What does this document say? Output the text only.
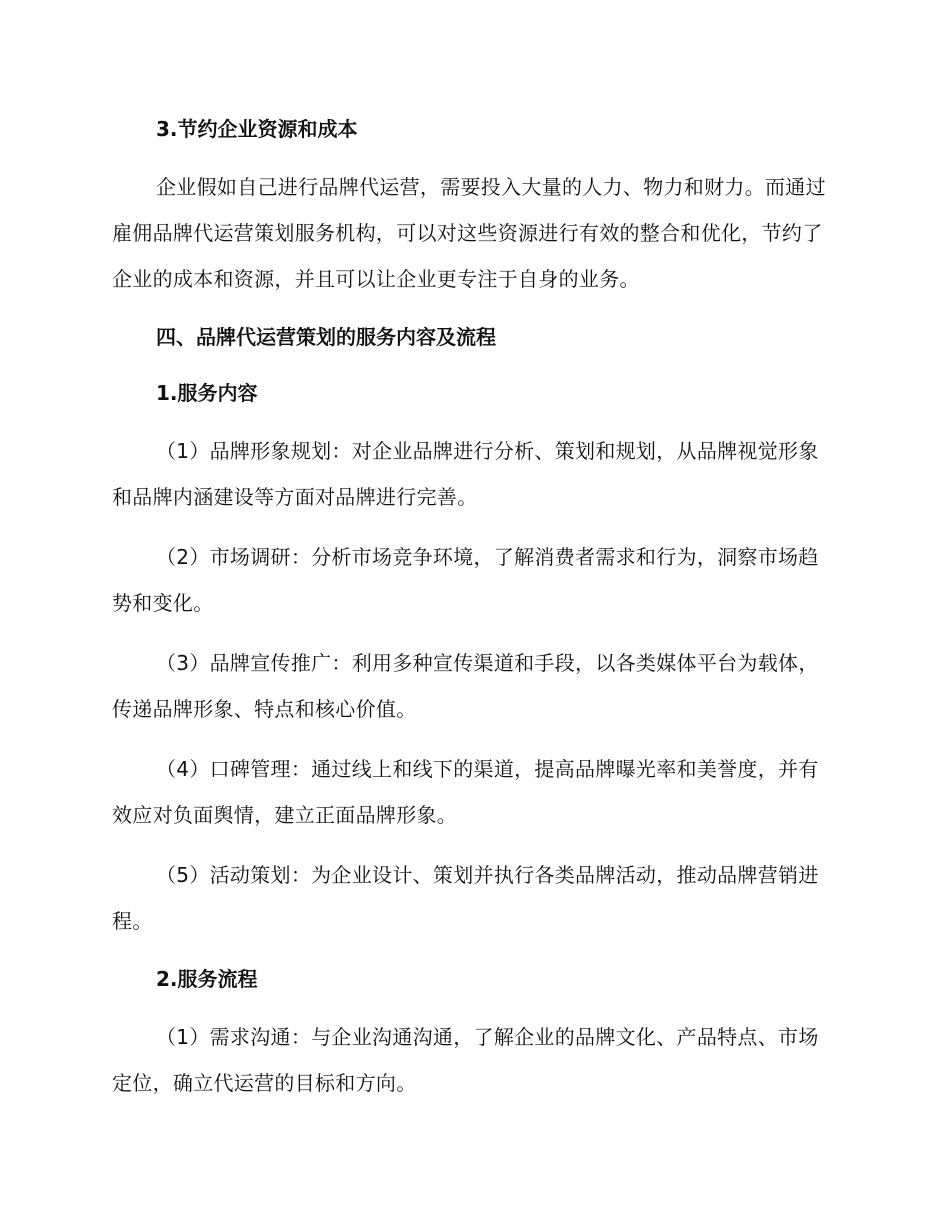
3.节约企业资源和成本

企业假如自己进行品牌代运营，需要投入大量的人力、物力和财力。而通过雇佣品牌代运营策划服务机构，可以对这些资源进行有效的整合和优化，节约了企业的成本和资源，并且可以让企业更专注于自身的业务。

四、品牌代运营策划的服务内容及流程

1.服务内容

（1）品牌形象规划：对企业品牌进行分析、策划和规划，从品牌视觉形象和品牌内涵建设等方面对品牌进行完善。

（2）市场调研：分析市场竞争环境，了解消费者需求和行为，洞察市场趋势和变化。

（3）品牌宣传推广：利用多种宣传渠道和手段，以各类媒体平台为载体，传递品牌形象、特点和核心价值。

（4）口碑管理：通过线上和线下的渠道，提高品牌曝光率和美誉度，并有效应对负面舆情，建立正面品牌形象。

（5）活动策划：为企业设计、策划并执行各类品牌活动，推动品牌营销进程。

2.服务流程

（1）需求沟通：与企业沟通沟通，了解企业的品牌文化、产品特点、市场定位，确立代运营的目标和方向。
